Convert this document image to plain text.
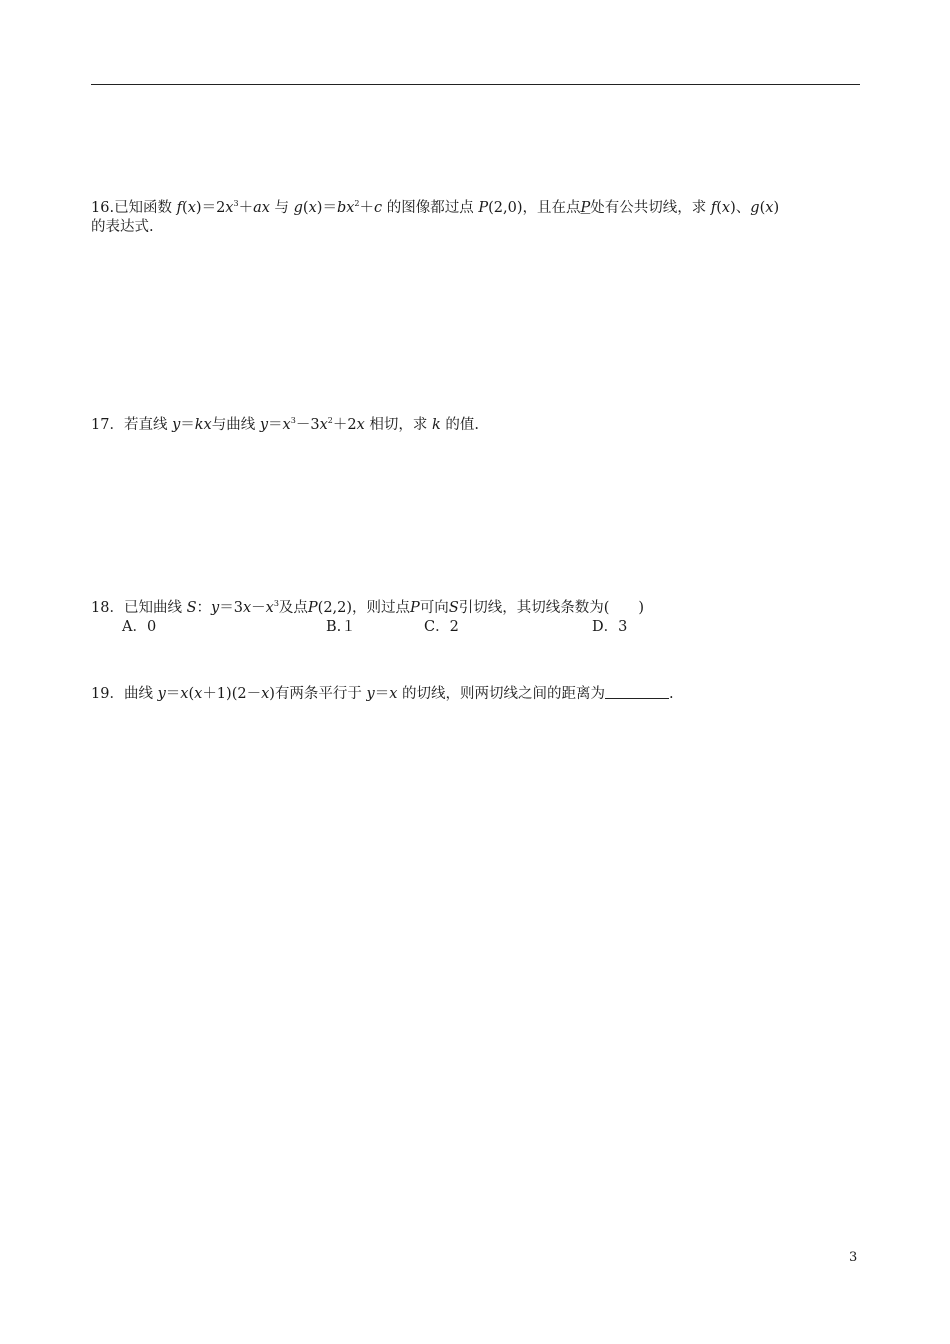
16.已知函数 $f(x)=2x^3+ax$ 与 $g(x)=bx^2+c$ 的图像都过点 P(2,0)，且在点P处有公共切线，求 f(x)、g(x)
的表达式.
17．若直线 y＝kx与曲线 $y=x^3-3x^2+2x$ 相切，求 k 的值.
18．已知曲线 S：$y=3x-x^3$及点P(2,2)，则过点P可向S引切线，其切线条数为(　　)
A．0	B.１	C．2	D．3
19．曲线 y＝x(x＋1)(2－x)有两条平行于 y＝x 的切线，则两切线之间的距离为	.
3
